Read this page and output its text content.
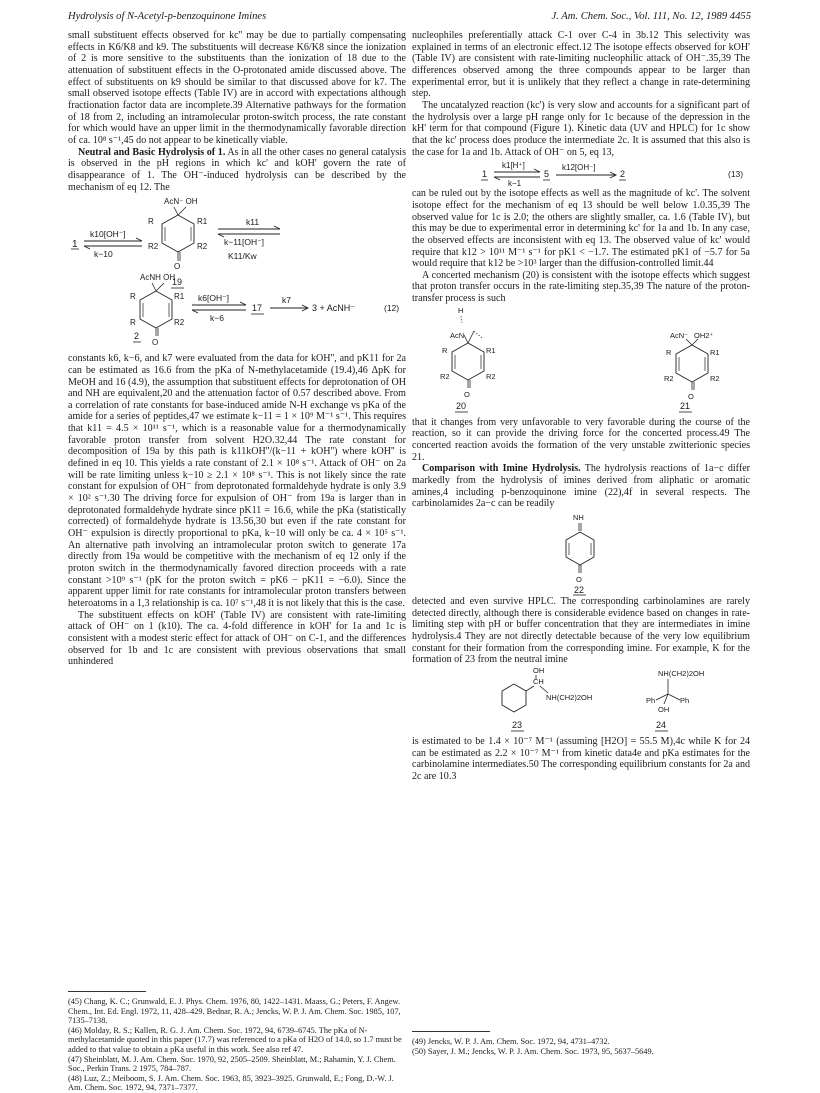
Hydrolysis of N-Acetyl-p-benzoquinone Imines	J. Am. Chem. Soc., Vol. 111, No. 12, 1989 4455

small substituent effects observed for kc'' may be due to partially compensating effects in K6/K8 and k9. The substituents will decrease K6/K8 since the ionization of 2 is more sensitive to the substituents than the ionization of 18 due to the attenuation of substituent effects in the O-protonated amide discussed above. The effect of substituents on k9 should be similar to that discussed above for k7. The small observed isotope effects (Table IV) are in accord with expectations although fractionation factor data are incomplete.39 Alternative pathways for the formation of 18 from 2, including an intramolecular proton-switch process, the rate constant for which would have an upper limit in the thermodynamically favorable direction of ca. 10⁸ s⁻¹,45 do not appear to be kinetically viable.

Neutral and Basic Hydrolysis of 1. As in all the other cases no general catalysis is observed in the pH regions in which kc' and kOH' govern the rate of disappearance of 1. The OH⁻-induced hydrolysis can be described by the mechanism of eq 12. The

1
k10[OH⁻]
k−10
AcN⁻ OH
O
R	R1
R2	R2
19
k11
k−11[OH⁻]
K11/Kw
AcNH OH
O
R	R1
R	R2
2
k6[OH⁻]
k−6
17
k7
3 + AcNH⁻	(12)

constants k6, k−6, and k7 were evaluated from the data for kOH'', and pK11 for 2a can be estimated as 16.6 from the pKa of N-methylacetamide (19.4),46 ΔpK for MeOH and 16 (4.9), the assumption that substituent effects for deprotonation of OH and NH are equivalent,20 and the attenuation factor of 0.57 described above. From a correlation of rate constants for base-induced amide N-H exchange vs pKa of the amide for a series of peptides,47 we estimate k−11 = 1 × 10⁹ M⁻¹ s⁻¹. This requires that k11 = 4.5 × 10¹¹ s⁻¹, which is a reasonable value for a thermodynamically favorable proton transfer from solvent H2O.32,44 The rate constant for decomposition of 19a by this path is k11kOH''/(k−11 + kOH'') where kOH'' is defined in eq 10. This yields a rate constant of 2.1 × 10⁸ s⁻¹. Attack of OH⁻ on 2a will be rate limiting unless k−10 ≥ 2.1 × 10⁸ s⁻¹. This is not likely since the rate constant for expulsion of OH⁻ from deprotonated formaldehyde hydrate is only 3.9 × 10² s⁻¹.30 The driving force for expulsion of OH⁻ from 19a is larger than in deprotonated formaldehyde hydrate since pK11 = 16.6, while the pKa (statistically corrected) of formaldehyde hydrate is 13.56,30 but even if the rate constant for OH⁻ expulsion is directly proportional to pKa, k−10 will only be ca. 4 × 10⁵ s⁻¹. An alternative path involving an intramolecular proton switch to generate 17a directly from 19a would be competitive with the mechanism of eq 12 only if the proton switch in the thermodynamically favored direction proceeds with a rate constant >10⁹ s⁻¹ (pK for the proton switch = pK6 − pK11 = −6.0). Since the apparent upper limit for rate constants for intramolecular proton transfers between heteroatoms in a 1,3 relationship is ca. 10⁷ s⁻¹,48 it is not likely that this is the case.

The substituent effects on kOH' (Table IV) are consistent with rate-limiting attack of OH⁻ on 1 (k10). The ca. 4-fold difference in kOH' for 1a and 1c is consistent with a modest steric effect for attack of OH⁻ on C-1, and the differences observed for 1b and 1c are consistent with previous observations that small unhindered

(45) Chang, K. C.; Grunwald, E. J. Phys. Chem. 1976, 80, 1422–1431. Maass, G.; Peters, F. Angew. Chem., Int. Ed. Engl. 1972, 11, 428–429. Bednar, R. A.; Jencks, W. P. J. Am. Chem. Soc. 1985, 107, 7135–7138.
(46) Molday, R. S.; Kallen, R. G. J. Am. Chem. Soc. 1972, 94, 6739–6745. The pKa of N-methylacetamide quoted in this paper (17.7) was referenced to a pKa of H2O of 14.0, so 1.7 must be added to that value to obtain a pKa useful in this work. See also ref 47.
(47) Sheinblatt, M. J. Am. Chem. Soc. 1970, 92, 2505–2509. Sheinblatt, M.; Rahamin, Y. J. Chem. Soc., Perkin Trans. 2 1975, 784–787.
(48) Luz, Z.; Meiboom, S. J. Am. Chem. Soc. 1963, 85, 3923–3925. Grunwald, E.; Fong, D.-W. J. Am. Chem. Soc. 1972, 94, 7371–7377.

nucleophiles preferentially attack C-1 over C-4 in 3b.12 This selectivity was explained in terms of an electronic effect.12 The isotope effects observed for kOH' (Table IV) are consistent with rate-limiting nucleophilic attack of OH⁻.35,39 The differences observed among the three compounds appear to be larger than experimental error, but it is unlikely that they reflect a change in rate-determining step.

The uncatalyzed reaction (kc') is very slow and accounts for a significant part of the hydrolysis over a large pH range only for 1c because of the depression in the kH' term for that compound (Figure 1). Kinetic data (UV and HPLC) for 1c show that the kc' process does produce the intermediate 2c. It is assumed that this also is the case for 1a and 1b. Attack of OH⁻ on 5, eq 13,

1
k1[H⁺]
k−1
5
k12[OH⁻]
2	(13)

can be ruled out by the isotope effects as well as the magnitude of kc'. The solvent isotope effect for the mechanism of eq 13 should be well below 1.0.35,39 The observed value for 1c is 2.0; the others are slightly smaller, ca. 1.6 (Table IV), but this may be due to experimental error in determining kc' for 1a and 1b. In any case, the observed effects are inconsistent with eq 13. The observed value of kc' would require that k12 > 10¹¹ M⁻¹ s⁻¹ for pK1 < −1.7. The estimated pK1 of −5.7 for 5a would require that k12 be >10³ larger than the diffusion-controlled limit.44

A concerted mechanism (20) is consistent with the isotope effects which suggest that proton transfer occurs in the rate-limiting step.35,39 The nature of the proton-transfer process is such

H
AcN
O
R	R1
R2	R2
20
AcN⁻ OH2⁺
O
R	R1
R2	R2
21

that it changes from very unfavorable to very favorable during the course of the reaction, so it can provide the driving force for the concerted process.49 The concerted reaction avoids the formation of the very unstable zwitterionic species 21.

Comparison with Imine Hydrolysis. The hydrolysis reactions of 1a−c differ markedly from the hydrolysis of imines derived from aliphatic or aromatic amines,4 including p-benzoquinone imine (22),4f in several respects. The carbinolamides 2a−c can be readily

NH
O
22

detected and even survive HPLC. The corresponding carbinolamines are rarely detected directly, although there is considerable evidence based on changes in rate-limiting step with pH or buffer concentration that they are intermediates in imine hydrolysis.4 They are not directly detectable because of the very low equilibrium constant for their formation from the corresponding imine. For example, K for the formation of 23 from the neutral imine

OH
CH
NH(CH2)2OH
23
NH(CH2)2OH
Ph	Ph
OH
24

is estimated to be 1.4 × 10⁻⁷ M⁻¹ (assuming [H2O] = 55.5 M),4c while K for 24 can be estimated as 2.2 × 10⁻⁷ M⁻¹ from kinetic data4e and pKa estimates for the carbinolamine intermediates.50 The corresponding equilibrium constants for 2a and 2c are 10.3

(49) Jencks, W. P. J. Am. Chem. Soc. 1972, 94, 4731–4732.
(50) Sayer, J. M.; Jencks, W. P. J. Am. Chem. Soc. 1973, 95, 5637–5649.
